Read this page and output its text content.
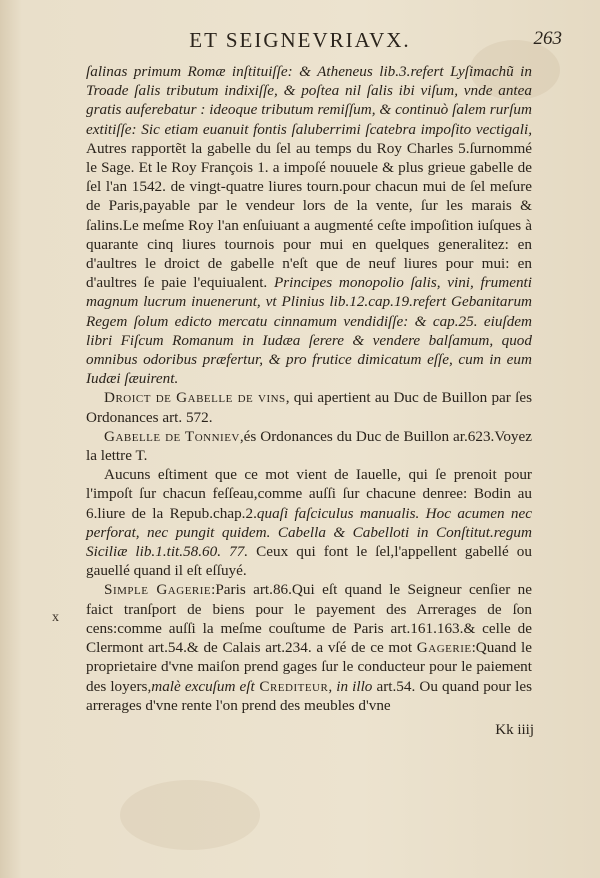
ET SEIGNEVRIAVX.	263
x

ſalinas primum Romæ inſtituiſſe: & Atheneus lib.3.refert Lyſimachũ in Troade ſalis tributum indixiſſe, & poſtea nil ſalis ibi viſum, vnde antea gratis auferebatur : ideoque tributum remiſſum, & continuò ſalem rurſum extitiſſe: Sic etiam euanuit fontis ſaluberrimi ſcatebra impoſito vectigali, Autres rapportẽt la gabelle du ſel au temps du Roy Charles 5.ſurnommé le Sage. Et le Roy François 1. a impoſé nouuele & plus grieue gabelle de ſel l'an 1542. de vingt-quatre liures tourn.pour chacun mui de ſel meſure de Paris,payable par le vendeur lors de la vente, ſur les marais & ſalins.Le meſme Roy l'an enſuiuant a augmenté ceſte impoſition iuſques à quarante cinq liures tournois pour mui en quelques generalitez: en d'aultres le droict de gabelle n'eſt que de neuf liures pour mui: en d'aultres ſe paie l'equiualent. Principes monopolio ſalis, vini, frumenti magnum lucrum inuenerunt, vt Plinius lib.12.cap.19.refert Gebanitarum Regem ſolum edicto mercatu cinnamum vendidiſſe: & cap.25. eiuſdem libri Fiſcum Romanum in Iudæa ſerere & vendere balſamum, quod omnibus odoribus præfertur, & pro frutice dimicatum eſſe, cum in eum Iudæi ſæuirent.

Droict de Gabelle de vins, qui apertient au Duc de Buillon par ſes Ordonances art. 572.

Gabelle de Tonniev,és Ordonances du Duc de Buillon ar.623.Voyez la lettre T.

Aucuns eſtiment que ce mot vient de Iauelle, qui ſe prenoit pour l'impoſt ſur chacun feſſeau,comme auſſi ſur chacune denree: Bodin au 6.liure de la Repub.chap.2.quaſi faſciculus manualis. Hoc acumen nec perforat, nec pungit quidem. Cabella & Cabelloti in Conſtitut.regum Siciliæ lib.1.tit.58.60. 77. Ceux qui font le ſel,l'appellent gabellé ou gauellé quand il eſt eſſuyé.

Simple Gagerie:Paris art.86.Qui eſt quand le Seigneur cenſier ne faict tranſport de biens pour le payement des Arrerages de ſon cens:comme auſſi la meſme couſtume de Paris art.161.163.& celle de Clermont art.54.& de Calais art.234. a vſé de ce mot Gagerie:Quand le proprietaire d'vne maiſon prend gages ſur le conducteur pour le paiement des loyers,malè excuſum eſt Crediteur, in illo art.54. Ou quand pour les arrerages d'vne rente l'on prend des meubles d'vne

Kk iiij
